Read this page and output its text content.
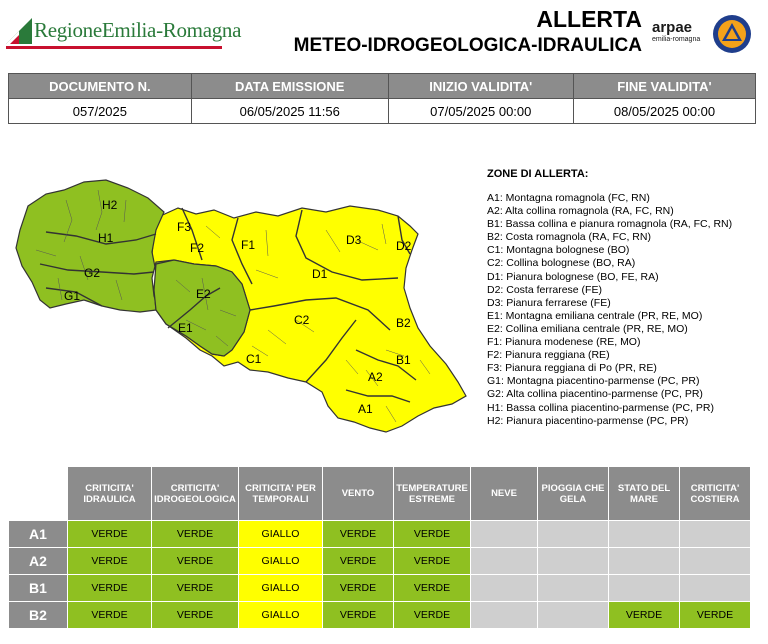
RegioneEmilia-Romagna	ALLERTA
METEO-IDROGEOLOGICA-IDRAULICA
arpae
emilia-romagna
DOCUMENTO N.	DATA EMISSIONE	INIZIO VALIDITA'	FINE VALIDITA'
057/2025	06/05/2025 11:56	07/05/2025 00:00	08/05/2025 00:00
H2
H1
G2
G1
F3
F2	F1
E2
E1
D3	D2
D1
C2
C1
B2
B1
A2
A1
ZONE DI ALLERTA:
A1: Montagna romagnola (FC, RN)
A2: Alta collina romagnola (RA, FC, RN)
B1: Bassa collina e pianura romagnola (RA, FC, RN)
B2: Costa romagnola (RA, FC, RN)
C1: Montagna bolognese (BO)
C2: Collina bolognese (BO, RA)
D1: Pianura bolognese (BO, FE, RA)
D2: Costa ferrarese (FE)
D3: Pianura ferrarese (FE)
E1: Montagna emiliana centrale (PR, RE, MO)
E2: Collina emiliana centrale (PR, RE, MO)
F1: Pianura modenese (RE, MO)
F2: Pianura reggiana (RE)
F3: Pianura reggiana di Po (PR, RE)
G1: Montagna piacentino-parmense (PC, PR)
G2: Alta collina piacentino-parmense (PC, PR)
H1: Bassa collina piacentino-parmense (PC, PR)
H2: Pianura piacentino-parmense (PC, PR)
	CRITICITA' IDRAULICA	CRITICITA' IDROGEOLOGICA	CRITICITA' PER TEMPORALI	VENTO	TEMPERATURE ESTREME	NEVE	PIOGGIA CHE GELA	STATO DEL MARE	CRITICITA' COSTIERA
A1	VERDE	VERDE	GIALLO	VERDE	VERDE				
A2	VERDE	VERDE	GIALLO	VERDE	VERDE				
B1	VERDE	VERDE	GIALLO	VERDE	VERDE				
B2	VERDE	VERDE	GIALLO	VERDE	VERDE			VERDE	VERDE
